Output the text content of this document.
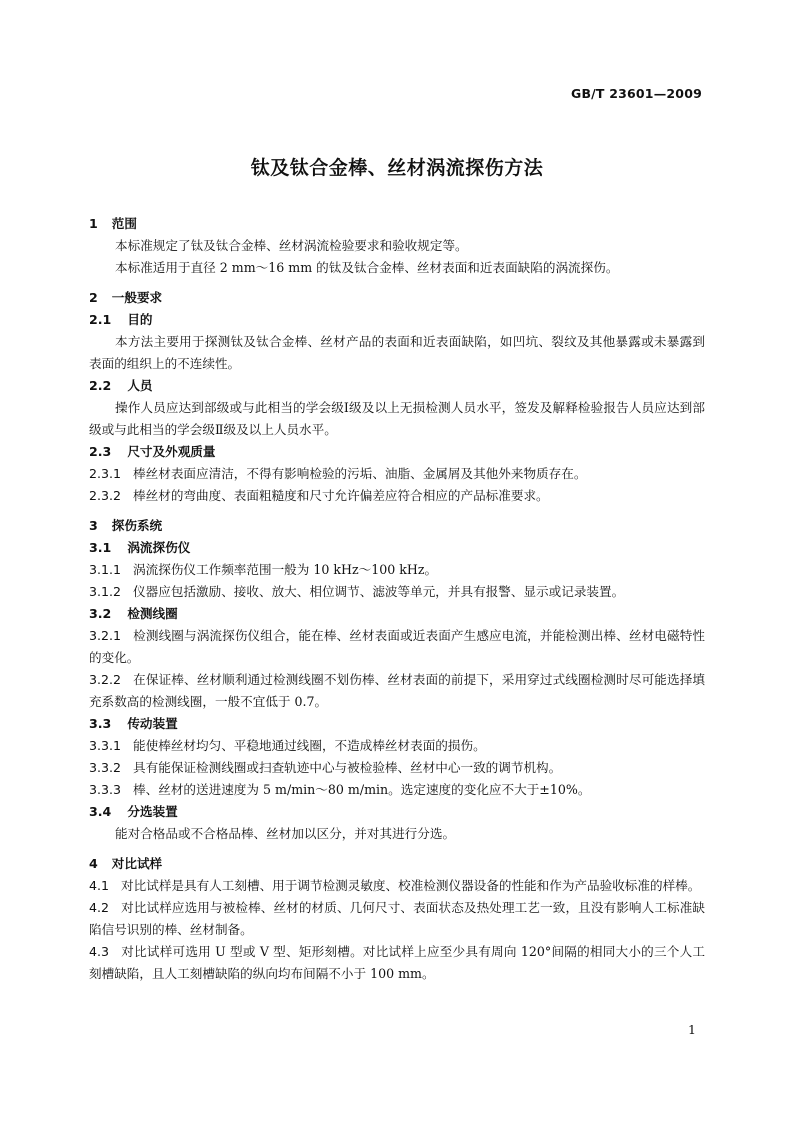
GB/T 23601—2009
钛及钛合金棒、丝材涡流探伤方法
1 范围
本标准规定了钛及钛合金棒、丝材涡流检验要求和验收规定等。
本标准适用于直径 2 mm～16 mm 的钛及钛合金棒、丝材表面和近表面缺陷的涡流探伤。
2 一般要求
2.1 目的
本方法主要用于探测钛及钛合金棒、丝材产品的表面和近表面缺陷，如凹坑、裂纹及其他暴露或未暴露到表面的组织上的不连续性。
2.2 人员
操作人员应达到部级或与此相当的学会级Ⅰ级及以上无损检测人员水平，签发及解释检验报告人员应达到部级或与此相当的学会级Ⅱ级及以上人员水平。
2.3 尺寸及外观质量
2.3.1 棒丝材表面应清洁，不得有影响检验的污垢、油脂、金属屑及其他外来物质存在。
2.3.2 棒丝材的弯曲度、表面粗糙度和尺寸允许偏差应符合相应的产品标准要求。
3 探伤系统
3.1 涡流探伤仪
3.1.1 涡流探伤仪工作频率范围一般为 10 kHz～100 kHz。
3.1.2 仪器应包括激励、接收、放大、相位调节、滤波等单元，并具有报警、显示或记录装置。
3.2 检测线圈
3.2.1 检测线圈与涡流探伤仪组合，能在棒、丝材表面或近表面产生感应电流，并能检测出棒、丝材电磁特性的变化。
3.2.2 在保证棒、丝材顺利通过检测线圈不划伤棒、丝材表面的前提下，采用穿过式线圈检测时尽可能选择填充系数高的检测线圈，一般不宜低于 0.7。
3.3 传动装置
3.3.1 能使棒丝材均匀、平稳地通过线圈，不造成棒丝材表面的损伤。
3.3.2 具有能保证检测线圈或扫查轨迹中心与被检验棒、丝材中心一致的调节机构。
3.3.3 棒、丝材的送进速度为 5 m/min～80 m/min。选定速度的变化应不大于±10%。
3.4 分选装置
能对合格品或不合格品棒、丝材加以区分，并对其进行分选。
4 对比试样
4.1 对比试样是具有人工刻槽、用于调节检测灵敏度、校准检测仪器设备的性能和作为产品验收标准的样棒。
4.2 对比试样应选用与被检棒、丝材的材质、几何尺寸、表面状态及热处理工艺一致，且没有影响人工标准缺陷信号识别的棒、丝材制备。
4.3 对比试样可选用 U 型或 V 型、矩形刻槽。对比试样上应至少具有周向 120°间隔的相同大小的三个人工刻槽缺陷，且人工刻槽缺陷的纵向均布间隔不小于 100 mm。
1
